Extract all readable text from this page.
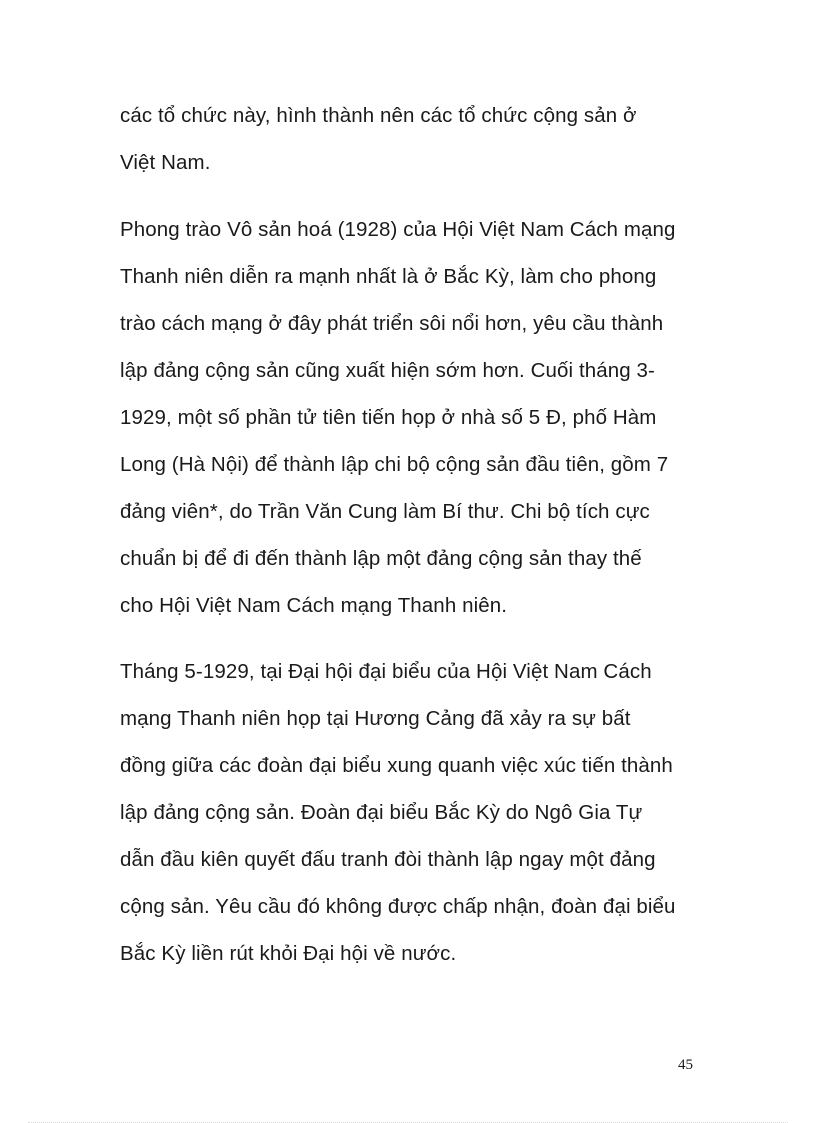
các tổ chức này, hình thành nên các tổ chức cộng sản ở
Việt Nam.
Phong trào Vô sản hoá (1928) của Hội Việt Nam Cách mạng
Thanh niên diễn ra mạnh nhất là ở Bắc Kỳ, làm cho phong
trào cách mạng ở đây phát triển sôi nổi hơn, yêu cầu thành
lập đảng cộng sản cũng xuất hiện sớm hơn. Cuối tháng 3-
1929, một số phần tử tiên tiến họp ở nhà số 5 Đ, phố Hàm
Long (Hà Nội) để thành lập chi bộ cộng sản đầu tiên, gồm 7
đảng viên*, do Trần Văn Cung làm Bí thư. Chi bộ tích cực
chuẩn bị để đi đến thành lập một đảng cộng sản thay thế
cho Hội Việt Nam Cách mạng Thanh niên.
Tháng 5-1929, tại Đại hội đại biểu của Hội Việt Nam Cách
mạng Thanh niên họp tại Hương Cảng đã xảy ra sự bất
đồng giữa các đoàn đại biểu xung quanh việc xúc tiến thành
lập đảng cộng sản. Đoàn đại biểu Bắc Kỳ do Ngô Gia Tự
dẫn đầu kiên quyết đấu tranh đòi thành lập ngay một đảng
cộng sản. Yêu cầu đó không được chấp nhận, đoàn đại biểu
Bắc Kỳ liền rút khỏi Đại hội về nước.
45
